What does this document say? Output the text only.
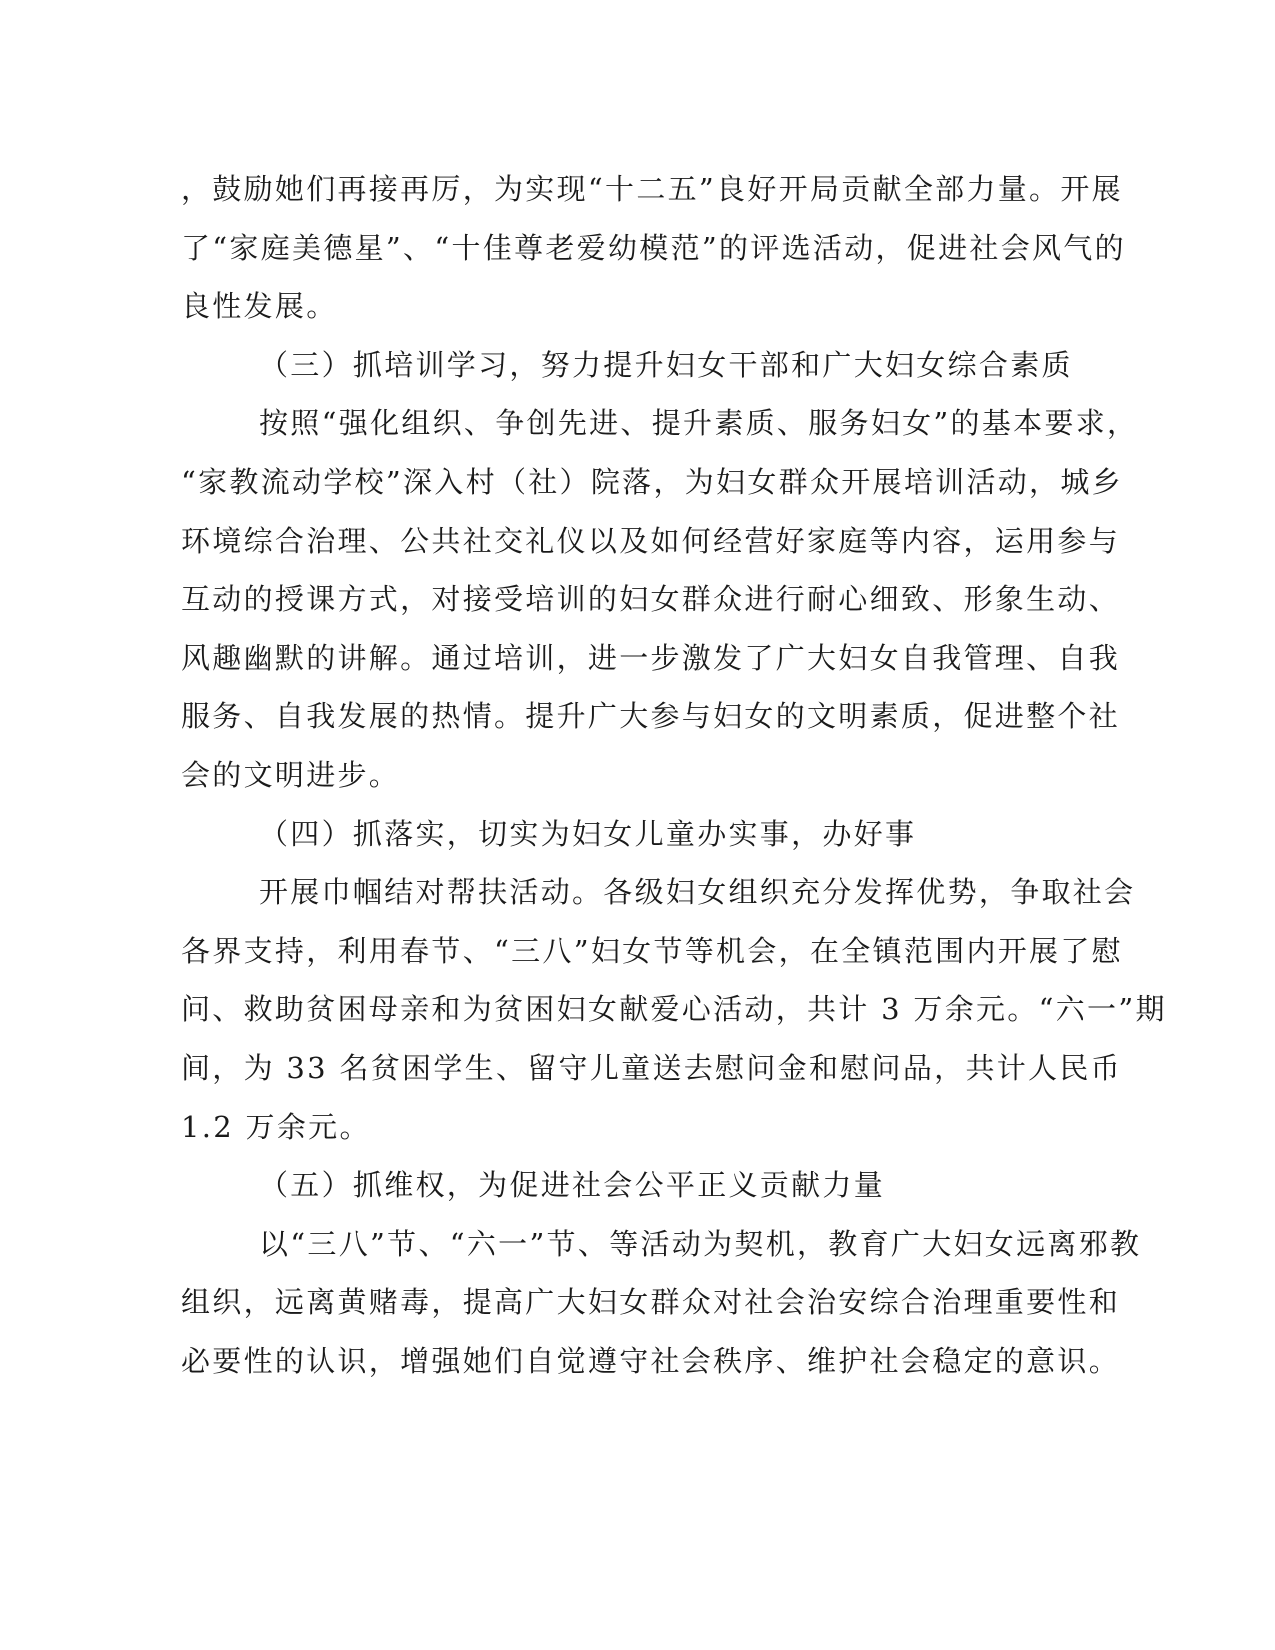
，鼓励她们再接再厉，为实现“十二五”良好开局贡献全部力量。开展
了“家庭美德星”、“十佳尊老爱幼模范”的评选活动，促进社会风气的
良性发展。
（三）抓培训学习，努力提升妇女干部和广大妇女综合素质
按照“强化组织、争创先进、提升素质、服务妇女”的基本要求，
“家教流动学校”深入村（社）院落，为妇女群众开展培训活动，城乡
环境综合治理、公共社交礼仪以及如何经营好家庭等内容，运用参与
互动的授课方式，对接受培训的妇女群众进行耐心细致、形象生动、
风趣幽默的讲解。通过培训，进一步激发了广大妇女自我管理、自我
服务、自我发展的热情。提升广大参与妇女的文明素质，促进整个社
会的文明进步。
（四）抓落实，切实为妇女儿童办实事，办好事
开展巾帼结对帮扶活动。各级妇女组织充分发挥优势，争取社会
各界支持，利用春节、“三八”妇女节等机会，在全镇范围内开展了慰
问、救助贫困母亲和为贫困妇女献爱心活动，共计 3 万余元。“六一”期
间，为 33 名贫困学生、留守儿童送去慰问金和慰问品，共计人民币
1.2 万余元。
（五）抓维权，为促进社会公平正义贡献力量
以“三八”节、“六一”节、等活动为契机，教育广大妇女远离邪教
组织，远离黄赌毒，提高广大妇女群众对社会治安综合治理重要性和
必要性的认识，增强她们自觉遵守社会秩序、维护社会稳定的意识。
